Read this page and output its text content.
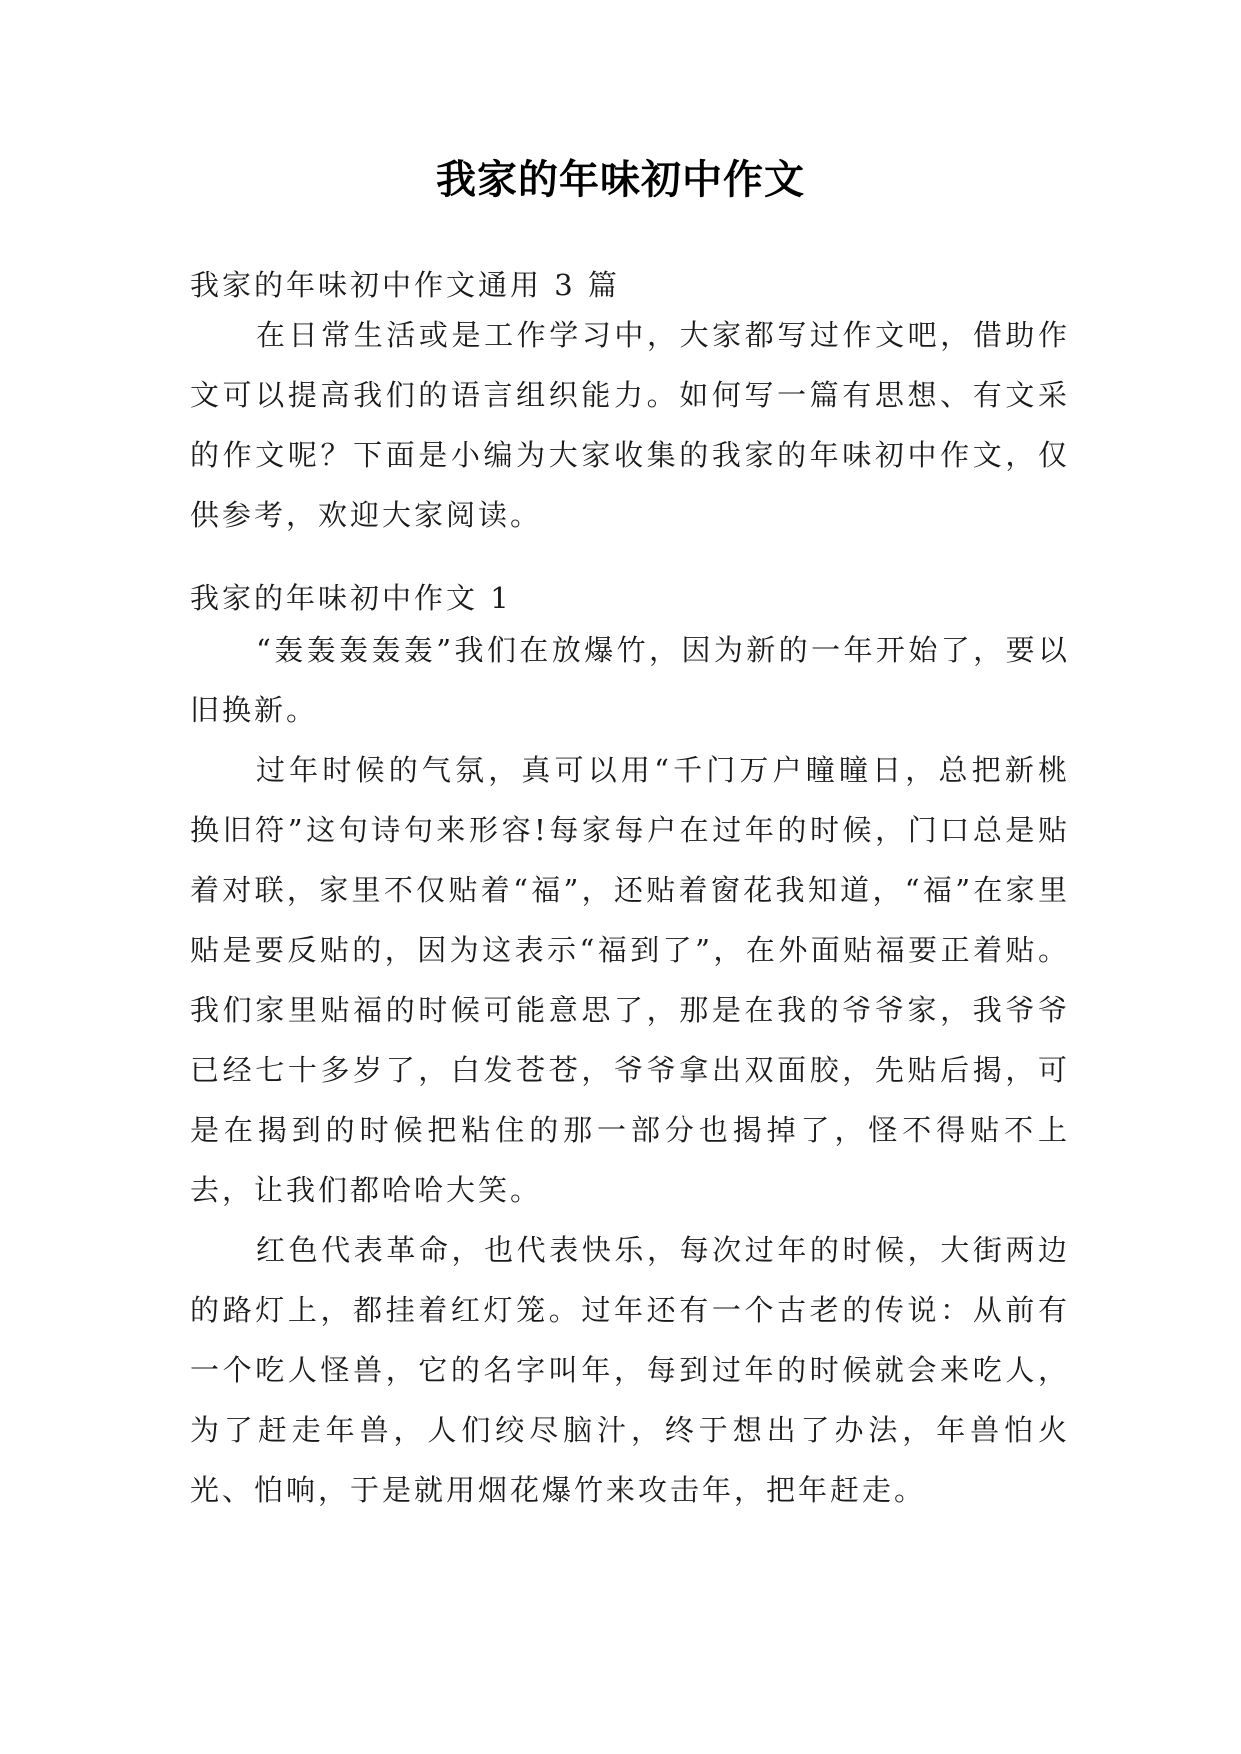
我家的年味初中作文
我家的年味初中作文通用 3 篇

在日常生活或是工作学习中，大家都写过作文吧，借助作文可以提高我们的语言组织能力。如何写一篇有思想、有文采的作文呢？下面是小编为大家收集的我家的年味初中作文，仅供参考，欢迎大家阅读。

我家的年味初中作文 1

“轰轰轰轰轰”我们在放爆竹，因为新的一年开始了，要以旧换新。

过年时候的气氛，真可以用“千门万户瞳瞳日，总把新桃换旧符”这句诗句来形容!每家每户在过年的时候，门口总是贴着对联，家里不仅贴着“福”，还贴着窗花我知道，“福”在家里贴是要反贴的，因为这表示“福到了”，在外面贴福要正着贴。我们家里贴福的时候可能意思了，那是在我的爷爷家，我爷爷已经七十多岁了，白发苍苍，爷爷拿出双面胶，先贴后揭，可是在揭到的时候把粘住的那一部分也揭掉了，怪不得贴不上去，让我们都哈哈大笑。

红色代表革命，也代表快乐，每次过年的时候，大街两边的路灯上，都挂着红灯笼。过年还有一个古老的传说：从前有一个吃人怪兽，它的名字叫年，每到过年的时候就会来吃人，为了赶走年兽，人们绞尽脑汁，终于想出了办法，年兽怕火光、怕响，于是就用烟花爆竹来攻击年，把年赶走。
